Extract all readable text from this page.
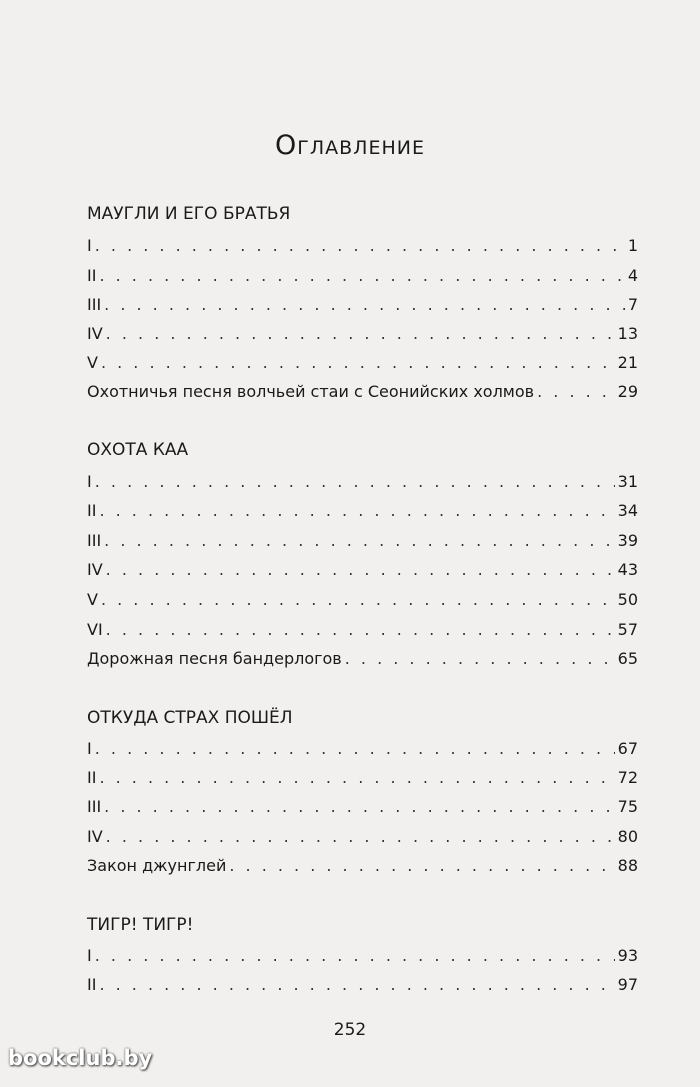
Оглавление
МАУГЛИ И ЕГО БРАТЬЯ
I . . .	1
II . . .	4
III . . .	7
IV . . .	13
V . . .	21
Охотничья песня волчьей стаи с Сеонийских холмов . . .	29
ОХОТА КАА
I . . .	31
II . . .	34
III . . .	39
IV . . .	43
V . . .	50
VI . . .	57
Дорожная песня бандерлогов . . .	65
ОТКУДА СТРАХ ПОШЁЛ
I . . .	67
II . . .	72
III . . .	75
IV . . .	80
Закон джунглей . . .	88
ТИГР! ТИГР!
I . . .	93
II . . .	97
252
bookclub.by
